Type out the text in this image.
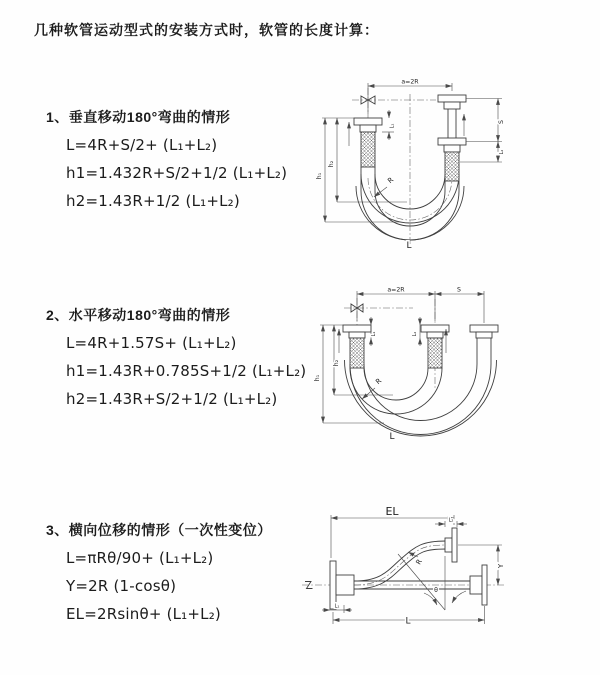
几种软管运动型式的安装方式时，软管的长度计算：
1、垂直移动180°弯曲的情形
L=4R+S/2+ (L₁+L₂)
h1=1.432R+S/2+1/2 (L₁+L₂)
h2=1.43R+1/2 (L₁+L₂)
2、水平移动180°弯曲的情形
L=4R+1.57S+ (L₁+L₂)
h1=1.43R+0.785S+1/2 (L₁+L₂)
h2=1.43R+S/2+1/2 (L₁+L₂)
3、横向位移的情形（一次性变位）
L=πRθ/90+ (L₁+L₂)
Y=2R (1-cosθ)
EL=2Rsinθ+ (L₁+L₂)
a=2R
S
L₂
L₁
h₂
h₁	R
L
a=2R	S
L₁	L₂
h₂
h₁	R
L
θ
R
EL
L₂
Y
L₁
L
